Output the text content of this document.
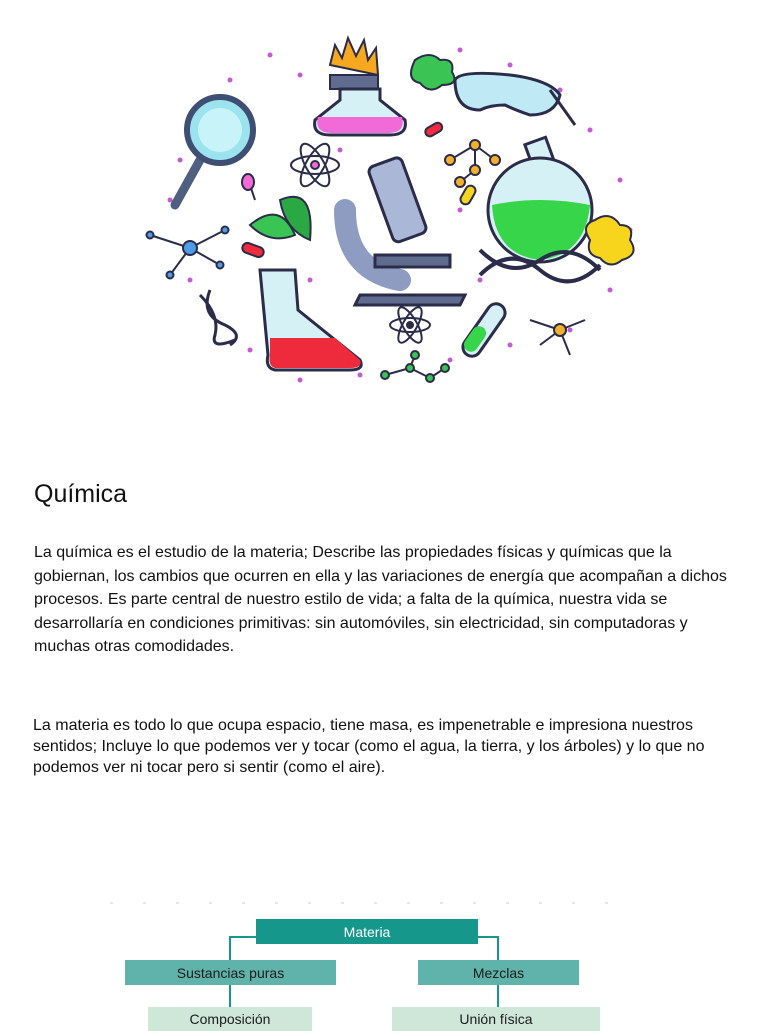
Química

La química es el estudio de la materia; Describe las propiedades físicas y químicas que la gobiernan, los cambios que ocurren en ella y las variaciones de energía que acompañan a dichos procesos. Es parte central de nuestro estilo de vida; a falta de la química, nuestra vida se desarrollaría en condiciones primitivas: sin automóviles, sin electricidad, sin computadoras y muchas otras comodidades.

La materia es todo lo que ocupa espacio, tiene masa, es impenetrable e impresiona nuestros sentidos; Incluye lo que podemos ver y tocar (como el agua, la tierra, y los árboles) y lo que no podemos ver ni tocar pero si sentir (como el aire).

Materia
Sustancias puras	Mezclas
Composición	Unión física
